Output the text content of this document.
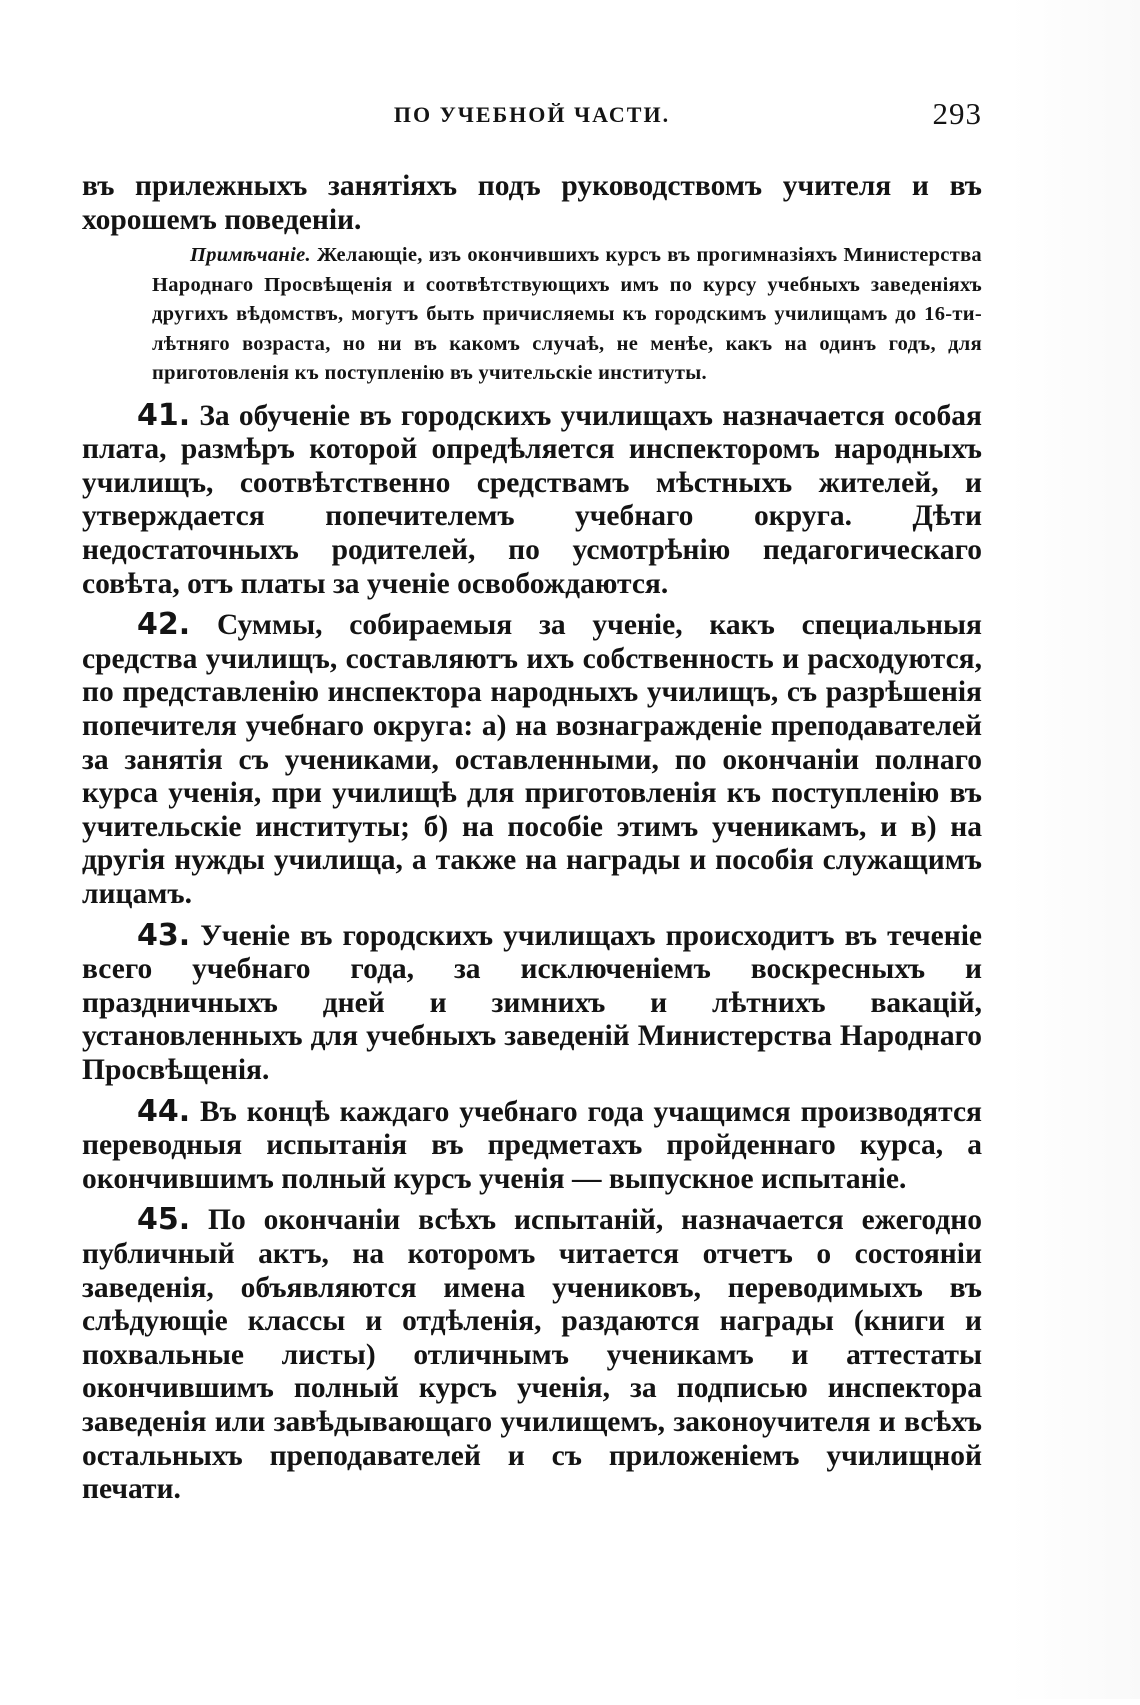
ПО УЧЕБНОЙ ЧАСТИ.	293

въ прилежныхъ занятіяхъ подъ руководствомъ учителя и въ хорошемъ поведеніи.

Примѣчаніе. Желающіе, изъ окончившихъ курсъ въ прогимназіяхъ Министерства Народнаго Просвѣщенія и соотвѣтствующихъ имъ по курсу учебныхъ заведеніяхъ другихъ вѣдомствъ, могутъ быть причисляемы къ городскимъ училищамъ до 16-ти-лѣтняго возраста, но ни въ какомъ случаѣ, не менѣе, какъ на одинъ годъ, для приготовленія къ поступленію въ учительскіе институты.

41. За обученіе въ городскихъ училищахъ назначается особая плата, размѣръ которой опредѣляется инспекторомъ народныхъ училищъ, соотвѣтственно средствамъ мѣстныхъ жителей, и утверждается попечителемъ учебнаго округа. Дѣти недостаточныхъ родителей, по усмотрѣнію педагогическаго совѣта, отъ платы за ученіе освобождаются.

42. Суммы, собираемыя за ученіе, какъ специальныя средства училищъ, составляютъ ихъ собственность и расходуются, по представленію инспектора народныхъ училищъ, съ разрѣшенія попечителя учебнаго округа: а) на вознагражденіе преподавателей за занятія съ учениками, оставленными, по окончаніи полнаго курса ученія, при училищѣ для приготовленія къ поступленію въ учительскіе институты; б) на пособіе этимъ ученикамъ, и в) на другія нужды училища, а также на награды и пособія служащимъ лицамъ.

43. Ученіе въ городскихъ училищахъ происходитъ въ теченіе всего учебнаго года, за исключеніемъ воскресныхъ и праздничныхъ дней и зимнихъ и лѣтнихъ вакацій, установленныхъ для учебныхъ заведеній Министерства Народнаго Просвѣщенія.

44. Въ концѣ каждаго учебнаго года учащимся производятся переводныя испытанія въ предметахъ пройденнаго курса, а окончившимъ полный курсъ ученія — выпускное испытаніе.

45. По окончаніи всѣхъ испытаній, назначается ежегодно публичный актъ, на которомъ читается отчетъ о состояніи заведенія, объявляются имена учениковъ, переводимыхъ въ слѣдующіе классы и отдѣленія, раздаются награды (книги и похвальные листы) отличнымъ ученикамъ и аттестаты окончившимъ полный курсъ ученія, за подписью инспектора заведенія или завѣдывающаго училищемъ, законоучителя и всѣхъ остальныхъ преподавателей и съ приложеніемъ училищной печати.
